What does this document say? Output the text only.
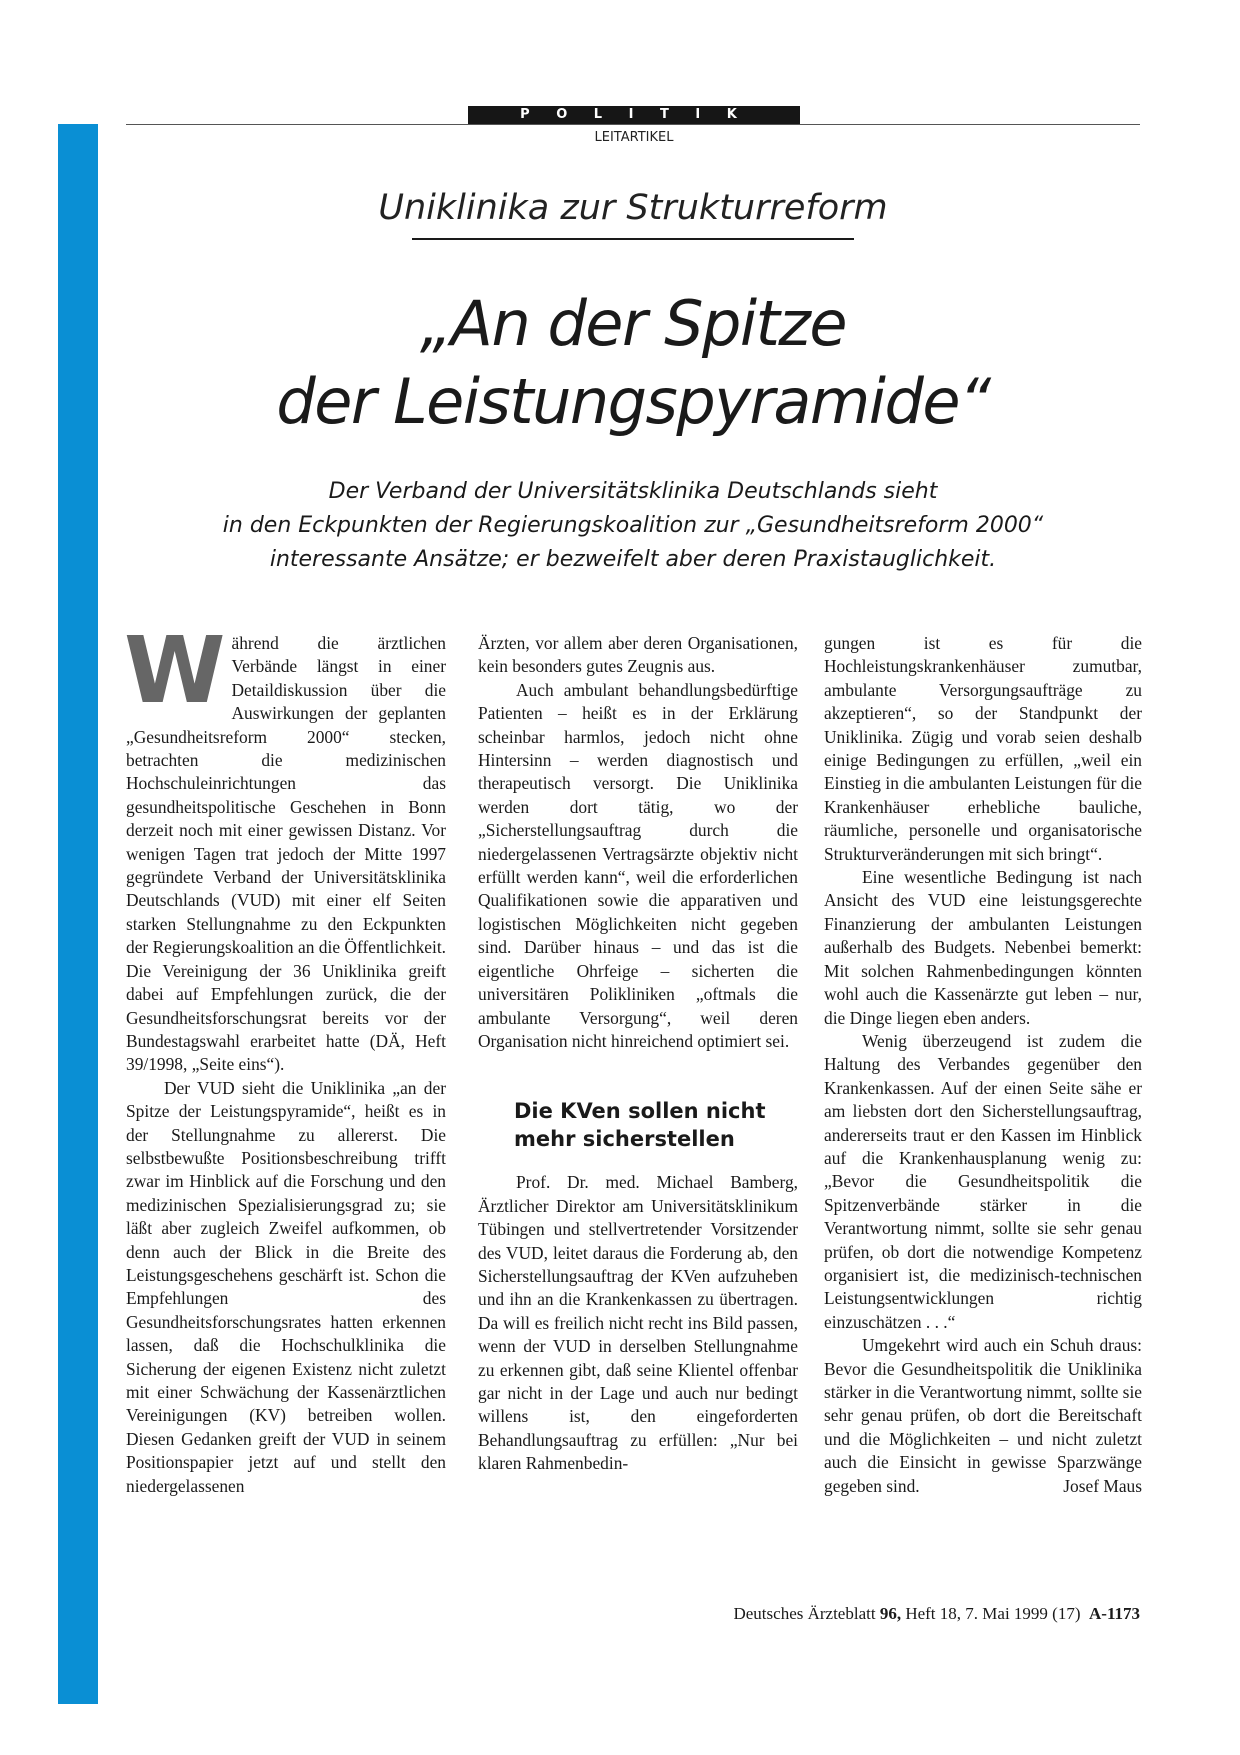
P O L I T I K
LEITARTIKEL
Uniklinika zur Strukturreform
„An der Spitze
der Leistungspyramide“
Der Verband der Universitätsklinika Deutschlands sieht
in den Eckpunkten der Regierungskoalition zur „Gesundheitsreform 2000“
interessante Ansätze; er bezweifelt aber deren Praxistauglichkeit.

Während die ärztlichen Verbände längst in einer Detaildiskussion über die Auswirkungen der geplanten „Gesundheitsreform 2000“ stecken, betrachten die medizinischen Hochschuleinrichtungen das gesundheitspolitische Geschehen in Bonn derzeit noch mit einer gewissen Distanz. Vor wenigen Tagen trat jedoch der Mitte 1997 gegründete Verband der Universitätsklinika Deutschlands (VUD) mit einer elf Seiten starken Stellungnahme zu den Eckpunkten der Regierungskoalition an die Öffentlichkeit. Die Vereinigung der 36 Uniklinika greift dabei auf Empfehlungen zurück, die der Gesundheitsforschungsrat bereits vor der Bundestagswahl erarbeitet hatte (DÄ, Heft 39/1998, „Seite eins“).

Der VUD sieht die Uniklinika „an der Spitze der Leistungspyramide“, heißt es in der Stellungnahme zu allererst. Die selbstbewußte Positionsbeschreibung trifft zwar im Hinblick auf die Forschung und den medizinischen Spezialisierungsgrad zu; sie läßt aber zugleich Zweifel aufkommen, ob denn auch der Blick in die Breite des Leistungsgeschehens geschärft ist. Schon die Empfehlungen des Gesundheitsforschungsrates hatten erkennen lassen, daß die Hochschulklinika die Sicherung der eigenen Existenz nicht zuletzt mit einer Schwächung der Kassenärztlichen Vereinigungen (KV) betreiben wollen. Diesen Gedanken greift der VUD in seinem Positionspapier jetzt auf und stellt den niedergelassenen

Ärzten, vor allem aber deren Organisationen, kein besonders gutes Zeugnis aus.

Auch ambulant behandlungsbedürftige Patienten – heißt es in der Erklärung scheinbar harmlos, jedoch nicht ohne Hintersinn – werden diagnostisch und therapeutisch versorgt. Die Uniklinika werden dort tätig, wo der „Sicherstellungsauftrag durch die niedergelassenen Vertragsärzte objektiv nicht erfüllt werden kann“, weil die erforderlichen Qualifikationen sowie die apparativen und logistischen Möglichkeiten nicht gegeben sind. Darüber hinaus – und das ist die eigentliche Ohrfeige – sicherten die universitären Polikliniken „oftmals die ambulante Versorgung“, weil deren Organisation nicht hinreichend optimiert sei.

Die KVen sollen nicht mehr sicherstellen

Prof. Dr. med. Michael Bamberg, Ärztlicher Direktor am Universitätsklinikum Tübingen und stellvertretender Vorsitzender des VUD, leitet daraus die Forderung ab, den Sicherstellungsauftrag der KVen aufzuheben und ihn an die Krankenkassen zu übertragen. Da will es freilich nicht recht ins Bild passen, wenn der VUD in derselben Stellungnahme zu erkennen gibt, daß seine Klientel offenbar gar nicht in der Lage und auch nur bedingt willens ist, den eingeforderten Behandlungsauftrag zu erfüllen: „Nur bei klaren Rahmenbedin-

gungen ist es für die Hochleistungskrankenhäuser zumutbar, ambulante Versorgungsaufträge zu akzeptieren“, so der Standpunkt der Uniklinika. Zügig und vorab seien deshalb einige Bedingungen zu erfüllen, „weil ein Einstieg in die ambulanten Leistungen für die Krankenhäuser erhebliche bauliche, räumliche, personelle und organisatorische Strukturveränderungen mit sich bringt“.

Eine wesentliche Bedingung ist nach Ansicht des VUD eine leistungsgerechte Finanzierung der ambulanten Leistungen außerhalb des Budgets. Nebenbei bemerkt: Mit solchen Rahmenbedingungen könnten wohl auch die Kassenärzte gut leben – nur, die Dinge liegen eben anders.

Wenig überzeugend ist zudem die Haltung des Verbandes gegenüber den Krankenkassen. Auf der einen Seite sähe er am liebsten dort den Sicherstellungsauftrag, andererseits traut er den Kassen im Hinblick auf die Krankenhausplanung wenig zu: „Bevor die Gesundheitspolitik die Spitzenverbände stärker in die Verantwortung nimmt, sollte sie sehr genau prüfen, ob dort die notwendige Kompetenz organisiert ist, die medizinisch-technischen Leistungsentwicklungen richtig einzuschätzen . . .“

Umgekehrt wird auch ein Schuh draus: Bevor die Gesundheitspolitik die Uniklinika stärker in die Verantwortung nimmt, sollte sie sehr genau prüfen, ob dort die Bereitschaft und die Möglichkeiten – und nicht zuletzt auch die Einsicht in gewisse Sparzwänge gegeben sind.	Josef Maus

Deutsches Ärzteblatt 96, Heft 18, 7. Mai 1999 (17) A-1173
